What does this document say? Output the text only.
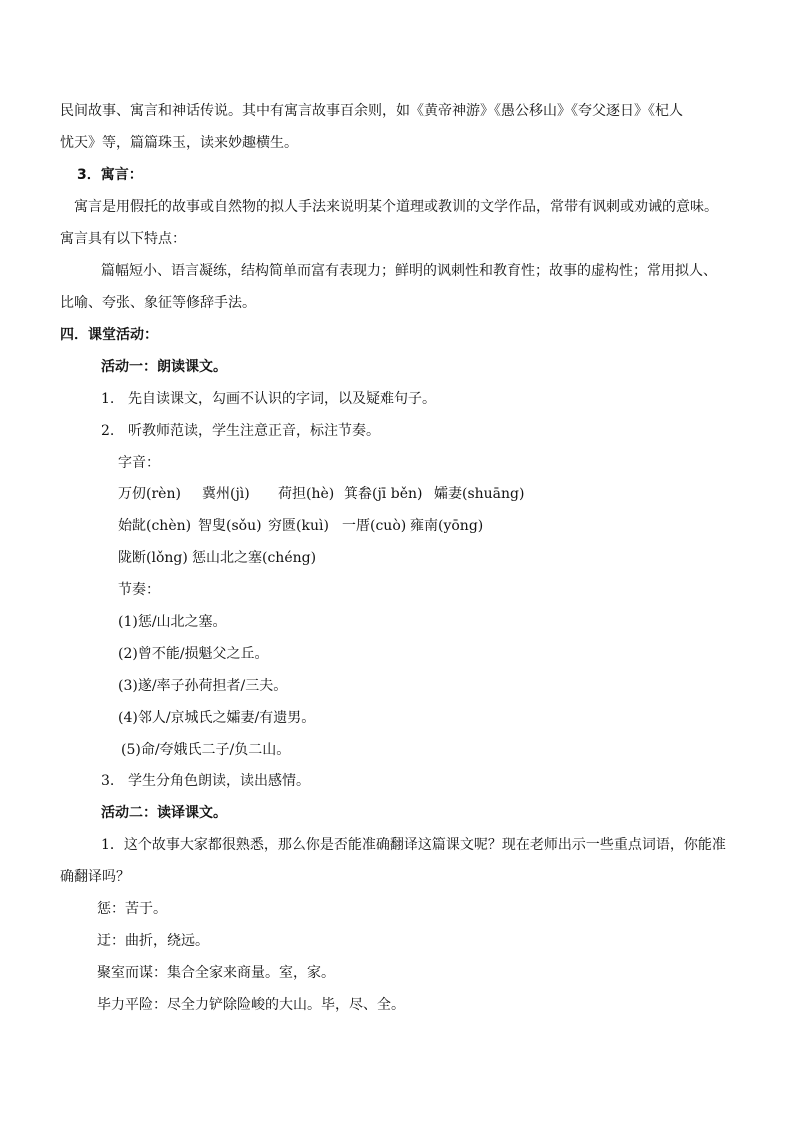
民间故事、寓言和神话传说。其中有寓言故事百余则，如《黄帝神游》《愚公移山》《夸父逐日》《杞人
忧天》等，篇篇珠玉，读来妙趣横生。
3．寓言：
寓言是用假托的故事或自然物的拟人手法来说明某个道理或教训的文学作品，常带有讽刺或劝诫的意味。
寓言具有以下特点：
篇幅短小、语言凝练，结构简单而富有表现力；鲜明的讽刺性和教育性；故事的虚构性；常用拟人、
比喻、夸张、象征等修辞手法。
四．课堂活动：
活动一：朗读课文。
1. 先自读课文，勾画不认识的字词，以及疑难句子。
2. 听教师范读，学生注意正音，标注节奏。
字音：
万仞(rèn) 冀州(jì) 荷担(hè) 箕畚(jī běn) 孀妻(shuāng)
始龀(chèn) 智叟(sǒu) 穷匮(kuì) 一厝(cuò) 雍南(yōng)
陇断(lǒng) 惩山北之塞(chéng)
节奏：
(1)惩/山北之塞。
(2)曾不能/损魁父之丘。
(3)遂/率子孙荷担者/三夫。
(4)邻人/京城氏之孀妻/有遗男。
(5)命/夸娥氏二子/负二山。
3. 学生分角色朗读，读出感情。
活动二：读译课文。
1．这个故事大家都很熟悉，那么你是否能准确翻译这篇课文呢？现在老师出示一些重点词语，你能准
确翻译吗？
惩：苦于。
迂：曲折，绕远。
聚室而谋：集合全家来商量。室，家。
毕力平险：尽全力铲除险峻的大山。毕，尽、全。
